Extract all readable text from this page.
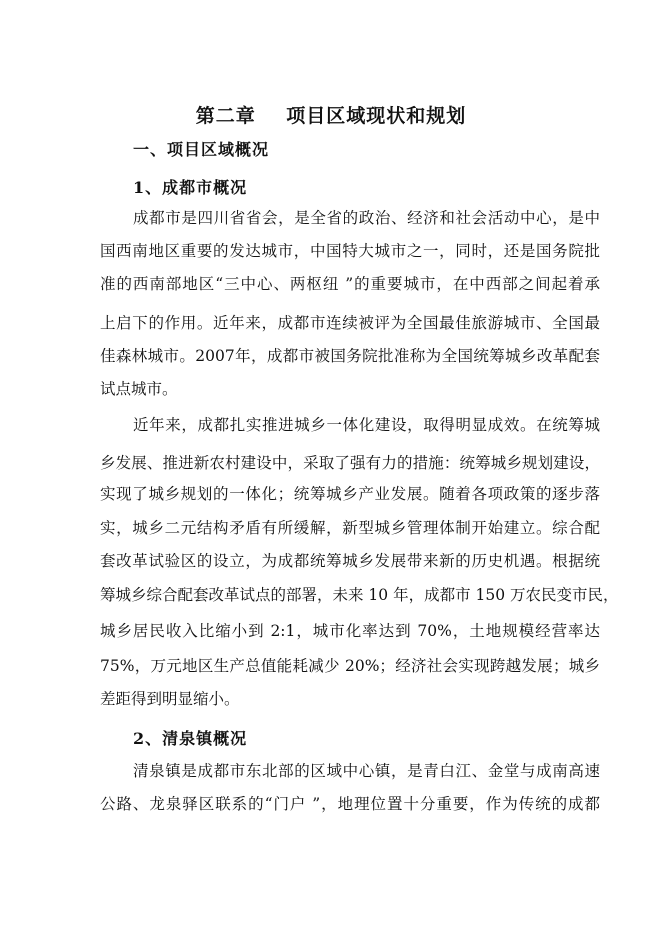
第二章    项目区域现状和规划
一、项目区域概况
1、成都市概况
成都市是四川省省会，是全省的政治、经济和社会活动中心，是中
国西南地区重要的发达城市，中国特大城市之一，同时，还是国务院批
准的西南部地区“三中心、两枢纽 ”的重要城市，在中西部之间起着承
上启下的作用。近年来，成都市连续被评为全国最佳旅游城市、全国最
佳森林城市。2007年，成都市被国务院批准称为全国统筹城乡改革配套
试点城市。
近年来，成都扎实推进城乡一体化建设，取得明显成效。在统筹城
乡发展、推进新农村建设中，采取了强有力的措施：统筹城乡规划建设，
实现了城乡规划的一体化；统筹城乡产业发展。随着各项政策的逐步落
实，城乡二元结构矛盾有所缓解，新型城乡管理体制开始建立。综合配
套改革试验区的设立，为成都统筹城乡发展带来新的历史机遇。根据统
筹城乡综合配套改革试点的部署，未来 10 年，成都市 150 万农民变市民，
城乡居民收入比缩小到 2:1，城市化率达到 70%，土地规模经营率达
75%，万元地区生产总值能耗减少 20%；经济社会实现跨越发展；城乡
差距得到明显缩小。
2、清泉镇概况
清泉镇是成都市东北部的区域中心镇，是青白江、金堂与成南高速
公路、龙泉驿区联系的“门户 ”，地理位置十分重要，作为传统的成都
